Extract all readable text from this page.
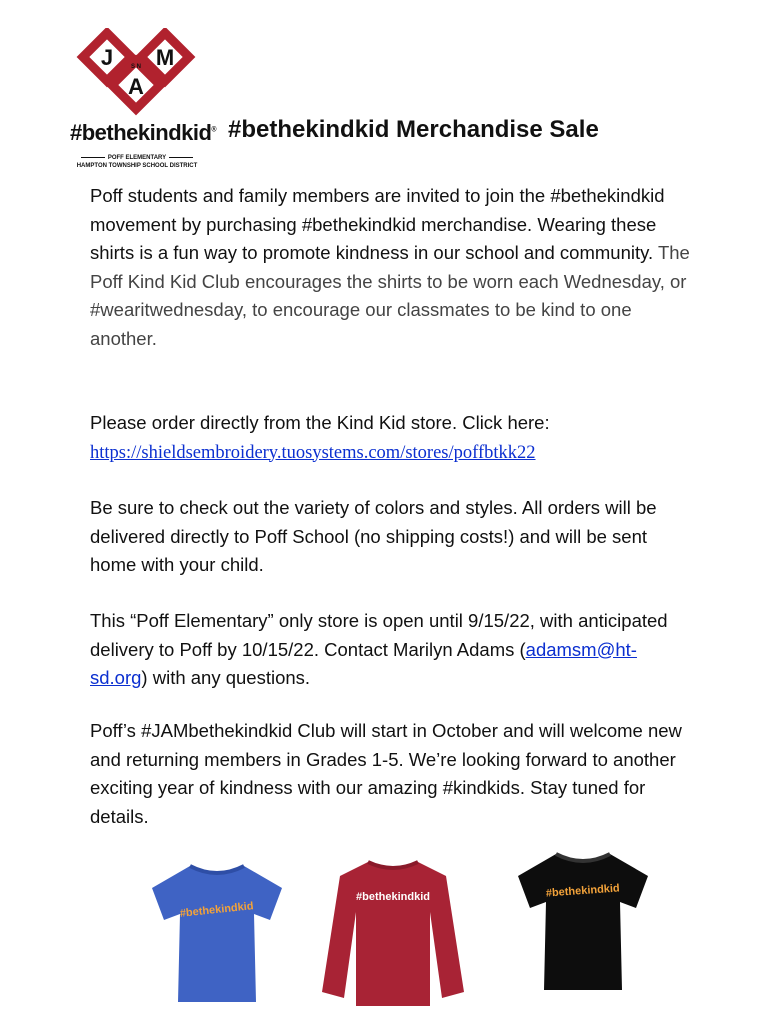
J
A
M
S N
#bethekindkid®
POFF ELEMENTARY
HAMPTON TOWNSHIP SCHOOL DISTRICT
#bethekindkid Merchandise Sale
Poff students and family members are invited to join the #bethekindkid movement by purchasing #bethekindkid merchandise. Wearing these shirts is a fun way to promote kindness in our school and community. The Poff Kind Kid Club encourages the shirts to be worn each Wednesday, or #wearitwednesday, to encourage our classmates to be kind to one another.
Please order directly from the Kind Kid store. Click here:
https://shieldsembroidery.tuosystems.com/stores/poffbtkk22
Be sure to check out the variety of colors and styles. All orders will be delivered directly to Poff School (no shipping costs!) and will be sent home with your child.
This “Poff Elementary” only store is open until 9/15/22, with anticipated delivery to Poff by 10/15/22. Contact Marilyn Adams (adamsm@ht-sd.org) with any questions.
Poff’s #JAMbethekindkid Club will start in October and will welcome new and returning members in Grades 1-5. We’re looking forward to another exciting year of kindness with our amazing #kindkids. Stay tuned for details.
#bethekindkid
#bethekindkid	#bethekindkid
